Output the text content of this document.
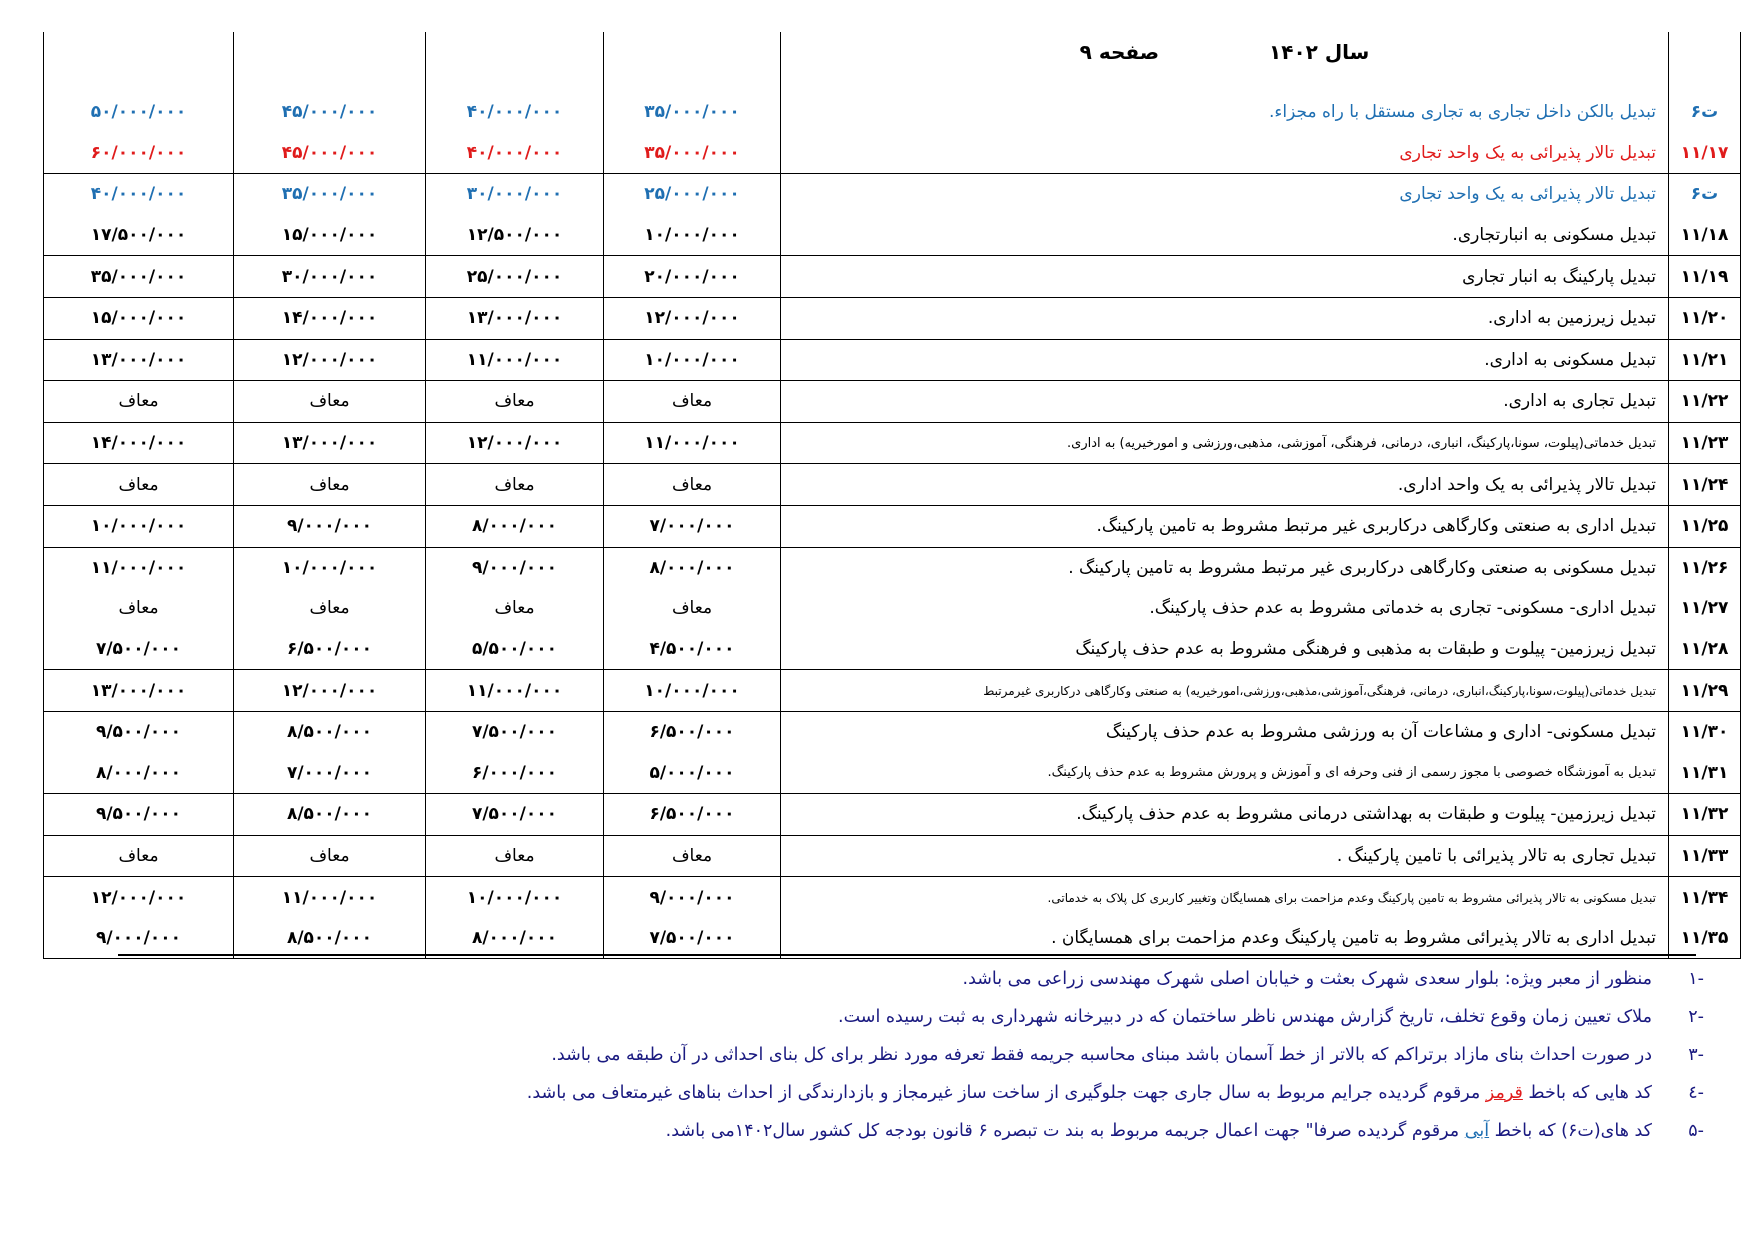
	سال ۱۴۰۲  صفحه ۹				
ت۶	تبدیل بالکن داخل تجاری به تجاری مستقل با راه مجزاء.	۳۵/۰۰۰/۰۰۰	۴۰/۰۰۰/۰۰۰	۴۵/۰۰۰/۰۰۰	۵۰/۰۰۰/۰۰۰
۱۱/۱۷	تبدیل تالار پذیرائی به یک واحد تجاری	۳۵/۰۰۰/۰۰۰	۴۰/۰۰۰/۰۰۰	۴۵/۰۰۰/۰۰۰	۶۰/۰۰۰/۰۰۰
ت۶	تبدیل تالار پذیرائی به یک واحد تجاری	۲۵/۰۰۰/۰۰۰	۳۰/۰۰۰/۰۰۰	۳۵/۰۰۰/۰۰۰	۴۰/۰۰۰/۰۰۰
۱۱/۱۸	تبدیل مسکونی به انبارتجاری.	۱۰/۰۰۰/۰۰۰	۱۲/۵۰۰/۰۰۰	۱۵/۰۰۰/۰۰۰	۱۷/۵۰۰/۰۰۰
۱۱/۱۹	تبدیل پارکینگ به انبار تجاری	۲۰/۰۰۰/۰۰۰	۲۵/۰۰۰/۰۰۰	۳۰/۰۰۰/۰۰۰	۳۵/۰۰۰/۰۰۰
۱۱/۲۰	تبدیل زیرزمین به اداری.	۱۲/۰۰۰/۰۰۰	۱۳/۰۰۰/۰۰۰	۱۴/۰۰۰/۰۰۰	۱۵/۰۰۰/۰۰۰
۱۱/۲۱	تبدیل مسکونی به اداری.	۱۰/۰۰۰/۰۰۰	۱۱/۰۰۰/۰۰۰	۱۲/۰۰۰/۰۰۰	۱۳/۰۰۰/۰۰۰
۱۱/۲۲	تبدیل تجاری به اداری.	معاف	معاف	معاف	معاف
۱۱/۲۳	تبدیل خدماتی(پیلوت، سونا،پارکینگ، انباری، درمانی، فرهنگی، آموزشی، مذهبی،ورزشی و امورخیریه) به اداری.	۱۱/۰۰۰/۰۰۰	۱۲/۰۰۰/۰۰۰	۱۳/۰۰۰/۰۰۰	۱۴/۰۰۰/۰۰۰
۱۱/۲۴	تبدیل تالار پذیرائی به یک واحد اداری.	معاف	معاف	معاف	معاف
۱۱/۲۵	تبدیل اداری به صنعتی وکارگاهی درکاربری غیر مرتبط مشروط به تامین پارکینگ.	۷/۰۰۰/۰۰۰	۸/۰۰۰/۰۰۰	۹/۰۰۰/۰۰۰	۱۰/۰۰۰/۰۰۰
۱۱/۲۶	تبدیل مسکونی به صنعتی وکارگاهی درکاربری غیر مرتبط مشروط به تامین پارکینگ .	۸/۰۰۰/۰۰۰	۹/۰۰۰/۰۰۰	۱۰/۰۰۰/۰۰۰	۱۱/۰۰۰/۰۰۰
۱۱/۲۷	تبدیل اداری- مسکونی- تجاری به خدماتی مشروط به عدم حذف پارکینگ.	معاف	معاف	معاف	معاف
۱۱/۲۸	تبدیل زیرزمین- پیلوت و طبقات به مذهبی و فرهنگی مشروط به عدم حذف پارکینگ	۴/۵۰۰/۰۰۰	۵/۵۰۰/۰۰۰	۶/۵۰۰/۰۰۰	۷/۵۰۰/۰۰۰
۱۱/۲۹	تبدیل خدماتی(پیلوت،سونا،پارکینگ،انباری، درمانی، فرهنگی،آموزشی،مذهبی،ورزشی،امورخیریه) به صنعتی وکارگاهی درکاربری غیرمرتبط	۱۰/۰۰۰/۰۰۰	۱۱/۰۰۰/۰۰۰	۱۲/۰۰۰/۰۰۰	۱۳/۰۰۰/۰۰۰
۱۱/۳۰	تبدیل مسکونی- اداری و مشاعات آن به ورزشی مشروط به عدم حذف پارکینگ	۶/۵۰۰/۰۰۰	۷/۵۰۰/۰۰۰	۸/۵۰۰/۰۰۰	۹/۵۰۰/۰۰۰
۱۱/۳۱	تبدیل به آموزشگاه خصوصی با مجوز رسمی از فنی وحرفه ای و آموزش و پرورش مشروط به عدم حذف پارکینگ.	۵/۰۰۰/۰۰۰	۶/۰۰۰/۰۰۰	۷/۰۰۰/۰۰۰	۸/۰۰۰/۰۰۰
۱۱/۳۲	تبدیل زیرزمین- پیلوت و طبقات به بهداشتی درمانی مشروط به عدم حذف پارکینگ.	۶/۵۰۰/۰۰۰	۷/۵۰۰/۰۰۰	۸/۵۰۰/۰۰۰	۹/۵۰۰/۰۰۰
۱۱/۳۳	تبدیل تجاری به تالار پذیرائی با تامین پارکینگ .	معاف	معاف	معاف	معاف
۱۱/۳۴	تبدیل مسکونی به تالار پذیرائی مشروط به تامین پارکینگ وعدم مزاحمت برای همسایگان وتغییر کاربری کل پلاک به خدماتی.	۹/۰۰۰/۰۰۰	۱۰/۰۰۰/۰۰۰	۱۱/۰۰۰/۰۰۰	۱۲/۰۰۰/۰۰۰
۱۱/۳۵	تبدیل اداری به تالار پذیرائی مشروط به تامین پارکینگ وعدم مزاحمت برای همسایگان .	۷/۵۰۰/۰۰۰	۸/۰۰۰/۰۰۰	۸/۵۰۰/۰۰۰	۹/۰۰۰/۰۰۰
-۱منظور از معبر ویژه: بلوار سعدی شهرک بعثت و خیابان اصلی شهرک مهندسی زراعی می باشد.
-۲ملاک تعیین زمان وقوع تخلف، تاریخ گزارش مهندس ناظر ساختمان که در دبیرخانه شهرداری به ثبت رسیده است.
-۳در صورت احداث بنای مازاد برتراکم که بالاتر از خط آسمان باشد مبنای محاسبه جریمه فقط تعرفه مورد نظر برای کل بنای احداثی در آن طبقه می باشد.
-٤کد هایی که باخط قرمز مرقوم گردیده جرایم مربوط به سال جاری جهت جلوگیری از ساخت ساز غیرمجاز و بازدارندگی از احداث بناهای غیرمتعاف می باشد.
-۵کد های(ت۶) که باخط آبی مرقوم گردیده صرفا" جهت اعمال جریمه مربوط به بند ت تبصره ۶ قانون بودجه کل کشور سال۱۴۰۲می باشد.
